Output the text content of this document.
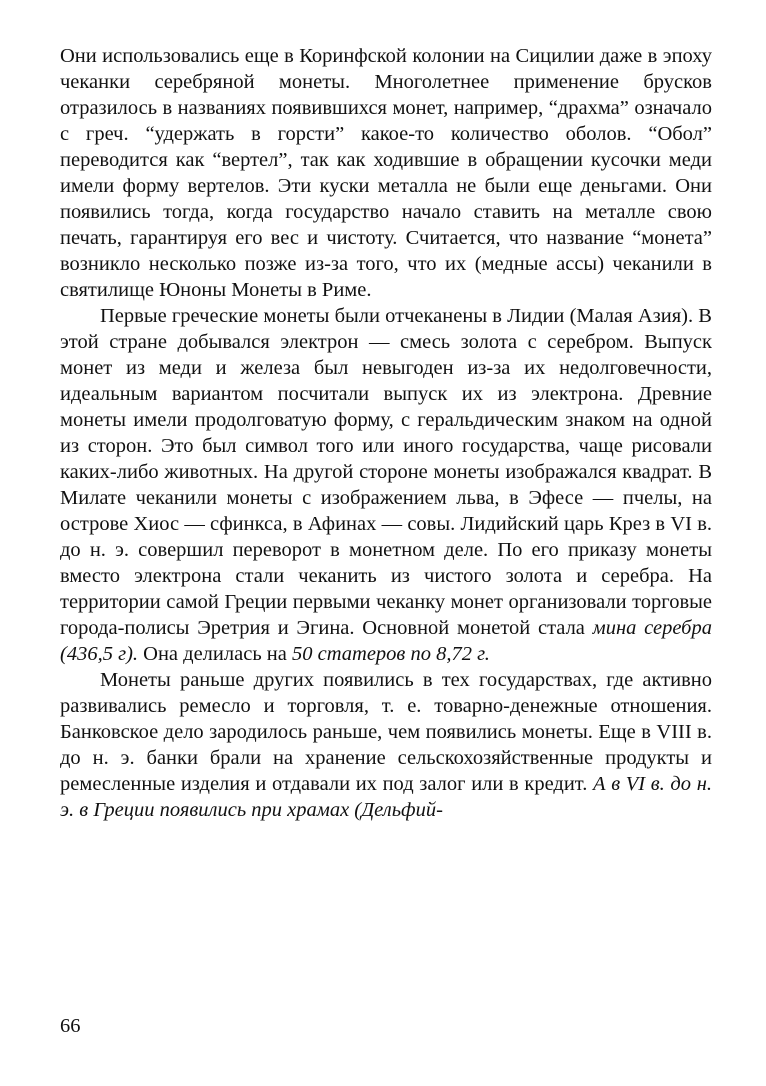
Они использовались еще в Коринфской колонии на Сицилии даже в эпоху чеканки серебряной монеты. Многолетнее применение брусков отразилось в названиях появившихся монет, например, “драхма” означало с греч. “удержать в горсти” какое-то количество оболов. “Обол” переводится как “вертел”, так как ходившие в обращении кусочки меди имели форму вертелов. Эти куски металла не были еще деньгами. Они появились тогда, когда государство начало ставить на металле свою печать, гарантируя его вес и чистоту. Считается, что название “монета” возникло несколько позже из-за того, что их (медные ассы) чеканили в святилище Юноны Монеты в Риме.

Первые греческие монеты были отчеканены в Лидии (Малая Азия). В этой стране добывался электрон — смесь золота с серебром. Выпуск монет из меди и железа был невыгоден из-за их недолговечности, идеальным вариантом посчитали выпуск их из электрона. Древние монеты имели продолговатую форму, с геральдическим знаком на одной из сторон. Это был символ того или иного государства, чаще рисовали каких-либо животных. На другой стороне монеты изображался квадрат. В Милате чеканили монеты с изображением льва, в Эфесе — пчелы, на острове Хиос — сфинкса, в Афинах — совы. Лидийский царь Крез в VI в. до н. э. совершил переворот в монетном деле. По его приказу монеты вместо электрона стали чеканить из чистого золота и серебра. На территории самой Греции первыми чеканку монет организовали торговые города-полисы Эретрия и Эгина. Основной монетой стала мина серебра (436,5 г). Она делилась на 50 статеров по 8,72 г.

Монеты раньше других появились в тех государствах, где активно развивались ремесло и торговля, т. е. товарно-денежные отношения. Банковское дело зародилось раньше, чем появились монеты. Еще в VIII в. до н. э. банки брали на хранение сельскохозяйственные продукты и ремесленные изделия и отдавали их под залог или в кредит. А в VI в. до н. э. в Греции появились при храмах (Дельфий-

66
